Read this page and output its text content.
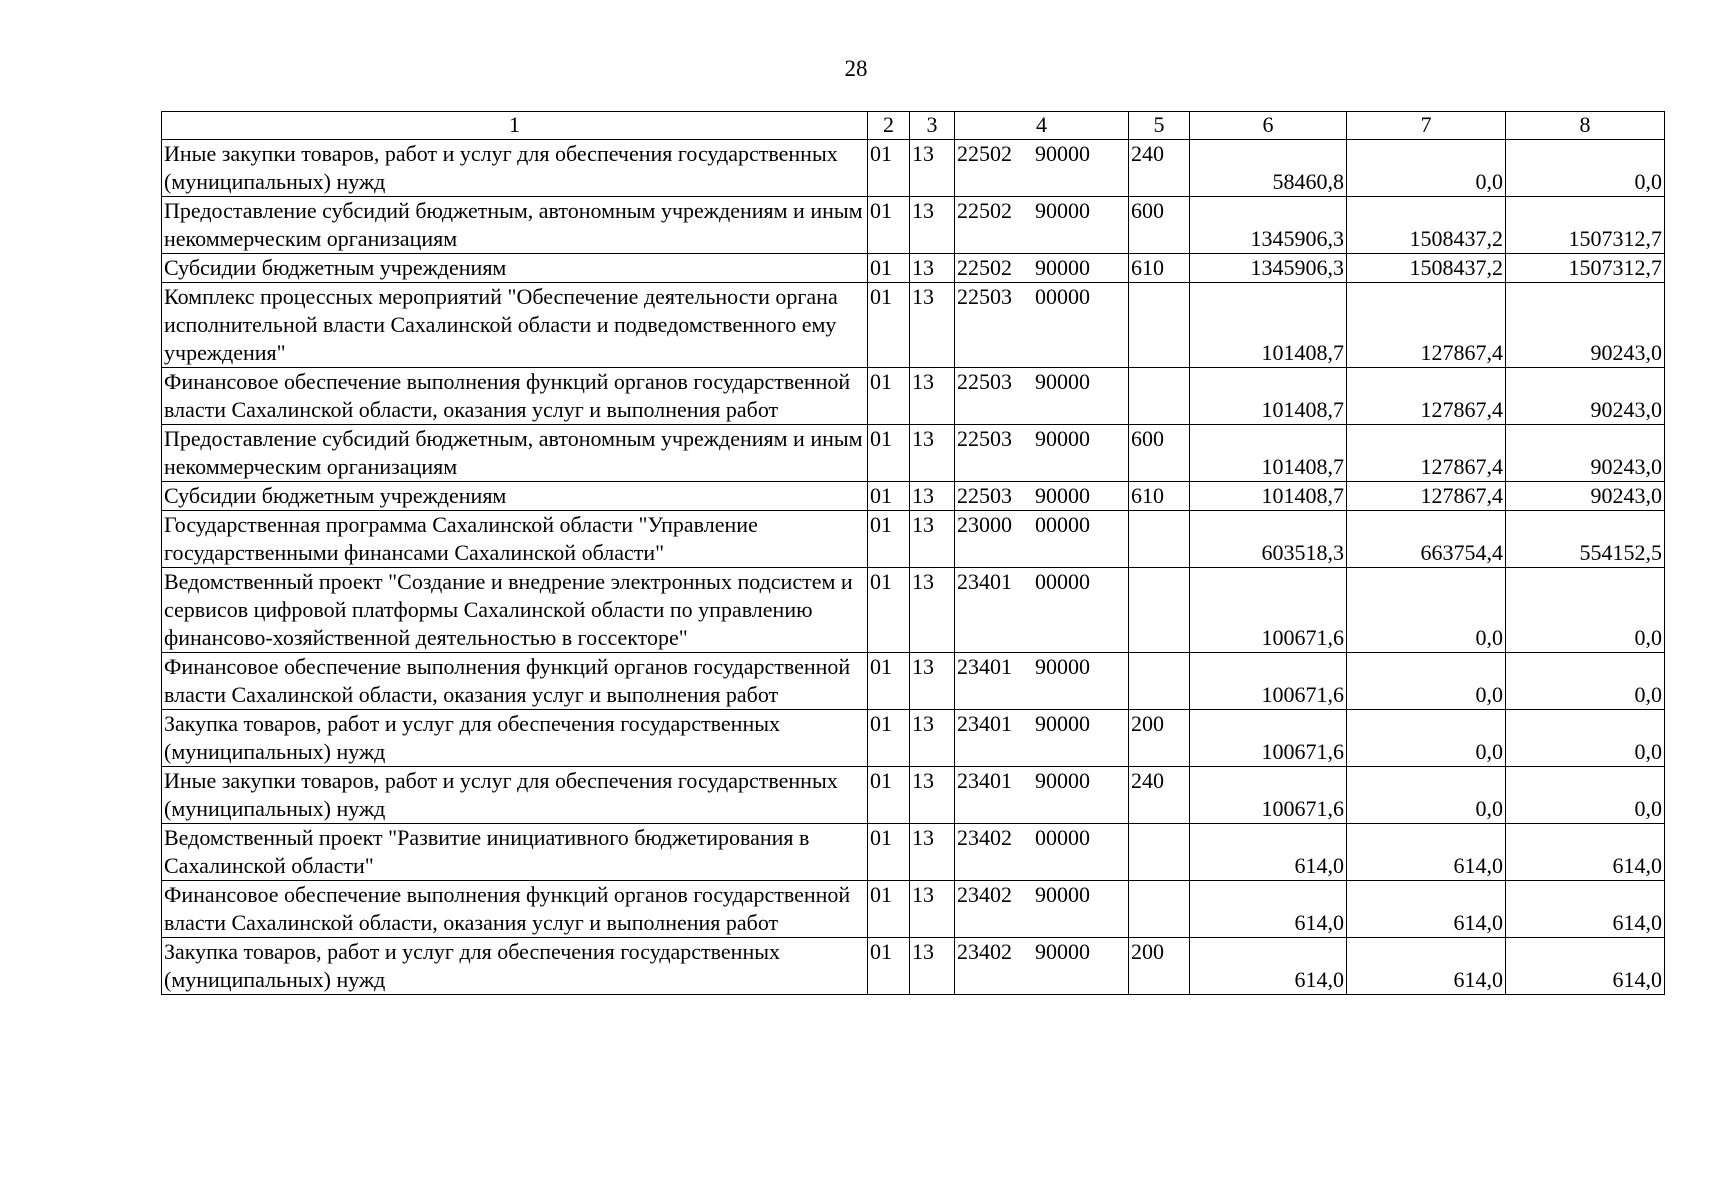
28
1	2	3	4	5	6	7	8
Иные закупки товаров, работ и услуг для обеспечения государственных (муниципальных) нужд	01	13	22502 90000	240	58460,8	0,0	0,0
Предоставление субсидий бюджетным, автономным учреждениям и иным некоммерческим организациям	01	13	22502 90000	600	1345906,3	1508437,2	1507312,7
Субсидии бюджетным учреждениям	01	13	22502 90000	610	1345906,3	1508437,2	1507312,7
Комплекс процессных мероприятий "Обеспечение деятельности органа исполнительной власти Сахалинской области и подведомственного ему учреждения"	01	13	22503 00000		101408,7	127867,4	90243,0
Финансовое обеспечение выполнения функций органов государственной власти Сахалинской области, оказания услуг и выполнения работ	01	13	22503 90000		101408,7	127867,4	90243,0
Предоставление субсидий бюджетным, автономным учреждениям и иным некоммерческим организациям	01	13	22503 90000	600	101408,7	127867,4	90243,0
Субсидии бюджетным учреждениям	01	13	22503 90000	610	101408,7	127867,4	90243,0
Государственная программа Сахалинской области "Управление государственными финансами Сахалинской области"	01	13	23000 00000		603518,3	663754,4	554152,5
Ведомственный проект "Создание и внедрение электронных подсистем и сервисов цифровой платформы Сахалинской области по управлению финансово-хозяйственной деятельностью в госсекторе"	01	13	23401 00000		100671,6	0,0	0,0
Финансовое обеспечение выполнения функций органов государственной власти Сахалинской области, оказания услуг и выполнения работ	01	13	23401 90000		100671,6	0,0	0,0
Закупка товаров, работ и услуг для обеспечения государственных (муниципальных) нужд	01	13	23401 90000	200	100671,6	0,0	0,0
Иные закупки товаров, работ и услуг для обеспечения государственных (муниципальных) нужд	01	13	23401 90000	240	100671,6	0,0	0,0
Ведомственный проект "Развитие инициативного бюджетирования в Сахалинской области"	01	13	23402 00000		614,0	614,0	614,0
Финансовое обеспечение выполнения функций органов государственной власти Сахалинской области, оказания услуг и выполнения работ	01	13	23402 90000		614,0	614,0	614,0
Закупка товаров, работ и услуг для обеспечения государственных (муниципальных) нужд	01	13	23402 90000	200	614,0	614,0	614,0
